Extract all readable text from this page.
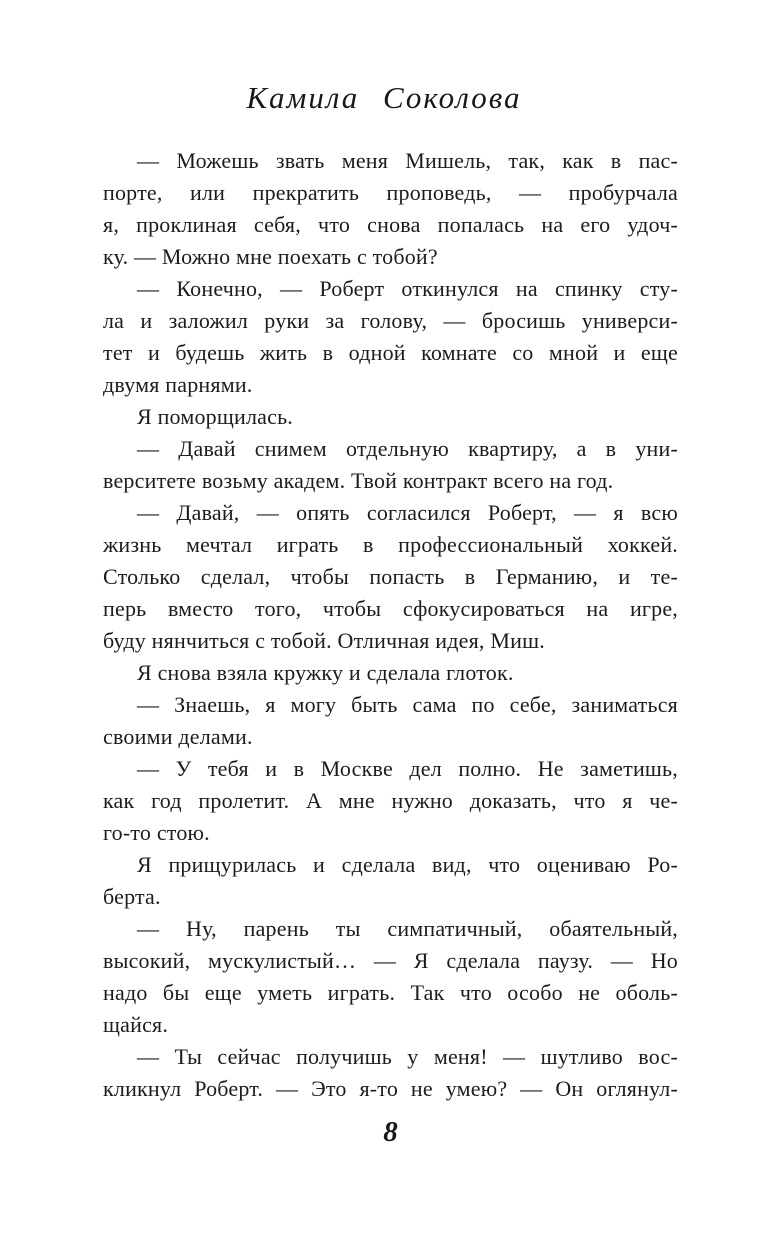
Камила Соколова
— Можешь звать меня Мишель, так, как в пас-
порте, или прекратить проповедь, — пробурчала
я, проклиная себя, что снова попалась на его удоч-
ку. — Можно мне поехать с тобой?
— Конечно, — Роберт откинулся на спинку сту-
ла и заложил руки за голову, — бросишь универси-
тет и будешь жить в одной комнате со мной и еще
двумя парнями.
Я поморщилась.
— Давай снимем отдельную квартиру, а в уни-
верситете возьму академ. Твой контракт всего на год.
— Давай, — опять согласился Роберт, — я всю
жизнь мечтал играть в профессиональный хоккей.
Столько сделал, чтобы попасть в Германию, и те-
перь вместо того, чтобы сфокусироваться на игре,
буду нянчиться с тобой. Отличная идея, Миш.
Я снова взяла кружку и сделала глоток.
— Знаешь, я могу быть сама по себе, заниматься
своими делами.
— У тебя и в Москве дел полно. Не заметишь,
как год пролетит. А мне нужно доказать, что я че-
го-то стою.
Я прищурилась и сделала вид, что оцениваю Ро-
берта.
— Ну, парень ты симпатичный, обаятельный,
высокий, мускулистый… — Я сделала паузу. — Но
надо бы еще уметь играть. Так что особо не оболь-
щайся.
— Ты сейчас получишь у меня! — шутливо вос-
кликнул Роберт. — Это я-то не умею? — Он оглянул-
8
